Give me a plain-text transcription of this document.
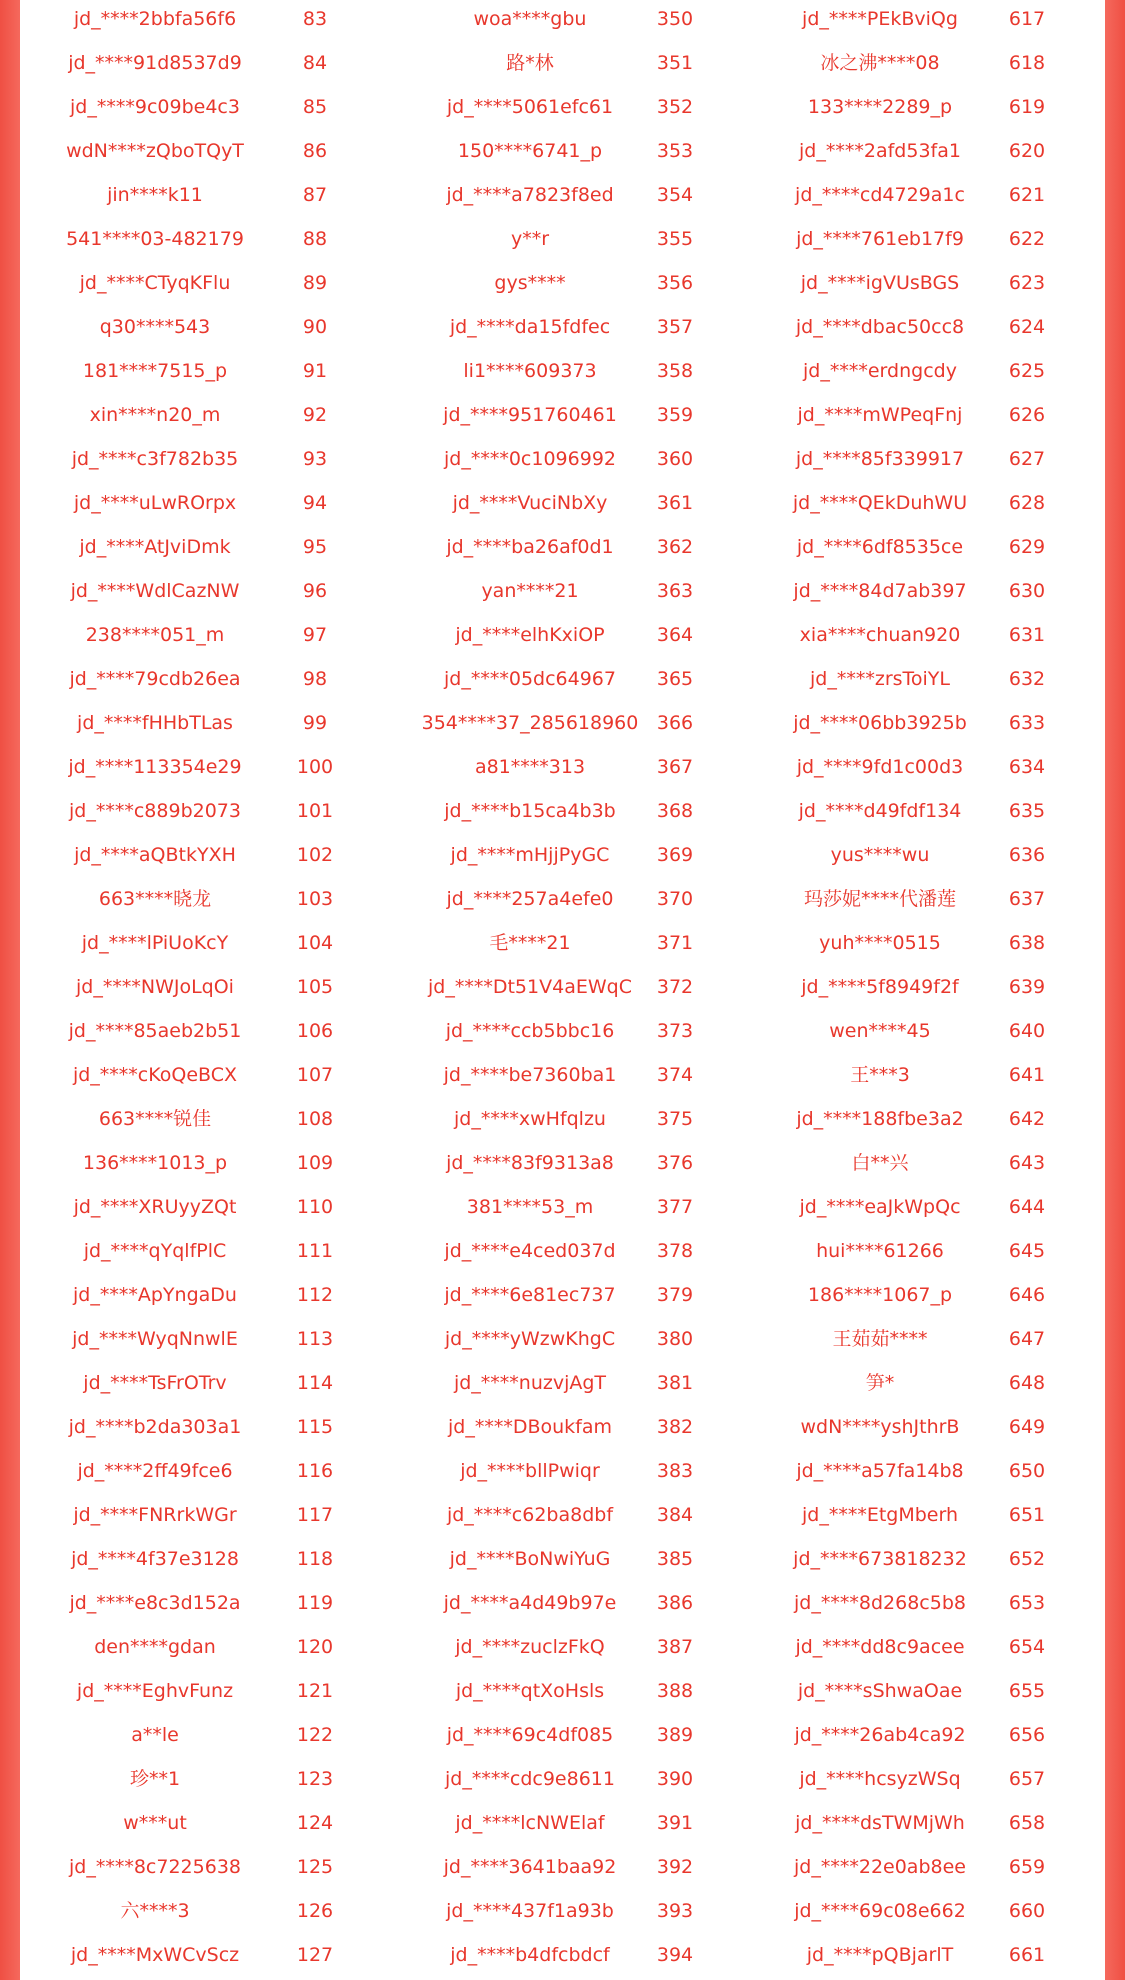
jd_****2bbfa56f6	83	woa****gbu	350	jd_****PEkBviQg	617
jd_****91d8537d9	84	路*林	351	冰之沸****08	618
jd_****9c09be4c3	85	jd_****5061efc61	352	133****2289_p	619
wdN****zQboTQyT	86	150****6741_p	353	jd_****2afd53fa1	620
jin****k11	87	jd_****a7823f8ed	354	jd_****cd4729a1c	621
541****03-482179	88	y**r	355	jd_****761eb17f9	622
jd_****CTyqKFlu	89	gys****	356	jd_****igVUsBGS	623
q30****543	90	jd_****da15fdfec	357	jd_****dbac50cc8	624
181****7515_p	91	li1****609373	358	jd_****erdngcdy	625
xin****n20_m	92	jd_****951760461	359	jd_****mWPeqFnj	626
jd_****c3f782b35	93	jd_****0c1096992	360	jd_****85f339917	627
jd_****uLwROrpx	94	jd_****VuciNbXy	361	jd_****QEkDuhWU	628
jd_****AtJviDmk	95	jd_****ba26af0d1	362	jd_****6df8535ce	629
jd_****WdlCazNW	96	yan****21	363	jd_****84d7ab397	630
238****051_m	97	jd_****elhKxiOP	364	xia****chuan920	631
jd_****79cdb26ea	98	jd_****05dc64967	365	jd_****zrsToiYL	632
jd_****fHHbTLas	99	354****37_285618960 366	jd_****06bb3925b	633
jd_****113354e29	100	a81****313	367	jd_****9fd1c00d3	634
jd_****c889b2073	101	jd_****b15ca4b3b	368	jd_****d49fdf134	635
jd_****aQBtkYXH	102	jd_****mHjjPyGC	369	yus****wu	636
663****晓龙	103	jd_****257a4efe0	370	玛莎妮****代潘莲	637
jd_****lPiUoKcY	104	毛****21	371	yuh****0515	638
jd_****NWJoLqOi	105	jd_****Dt51V4aEWqC	372	jd_****5f8949f2f	639
jd_****85aeb2b51	106	jd_****ccb5bbc16	373	wen****45	640
jd_****cKoQeBCX	107	jd_****be7360ba1	374	王***3	641
663****锐佳	108	jd_****xwHfqlzu	375	jd_****188fbe3a2	642
136****1013_p	109	jd_****83f9313a8	376	白**兴	643
jd_****XRUyyZQt	110	381****53_m	377	jd_****eaJkWpQc	644
jd_****qYqlfPlC	111	jd_****e4ced037d	378	hui****61266	645
jd_****ApYngaDu	112	jd_****6e81ec737	379	186****1067_p	646
jd_****WyqNnwlE	113	jd_****yWzwKhgC	380	王茹茹****	647
jd_****TsFrOTrv	114	jd_****nuzvjAgT	381	笋*	648
jd_****b2da303a1	115	jd_****DBoukfam	382	wdN****yshJthrB	649
jd_****2ff49fce6	116	jd_****bllPwiqr	383	jd_****a57fa14b8	650
jd_****FNRrkWGr	117	jd_****c62ba8dbf	384	jd_****EtgMberh	651
jd_****4f37e3128	118	jd_****BoNwiYuG	385	jd_****673818232	652
jd_****e8c3d152a	119	jd_****a4d49b97e	386	jd_****8d268c5b8	653
den****gdan	120	jd_****zuclzFkQ	387	jd_****dd8c9acee	654
jd_****EghvFunz	121	jd_****qtXoHsls	388	jd_****sShwaOae	655
a**le	122	jd_****69c4df085	389	jd_****26ab4ca92	656
珍**1	123	jd_****cdc9e8611	390	jd_****hcsyzWSq	657
w***ut	124	jd_****lcNWElaf	391	jd_****dsTWMjWh	658
jd_****8c7225638	125	jd_****3641baa92	392	jd_****22e0ab8ee	659
六****3	126	jd_****437f1a93b	393	jd_****69c08e662	660
jd_****MxWCvScz	127	jd_****b4dfcbdcf	394	jd_****pQBjarlT	661
